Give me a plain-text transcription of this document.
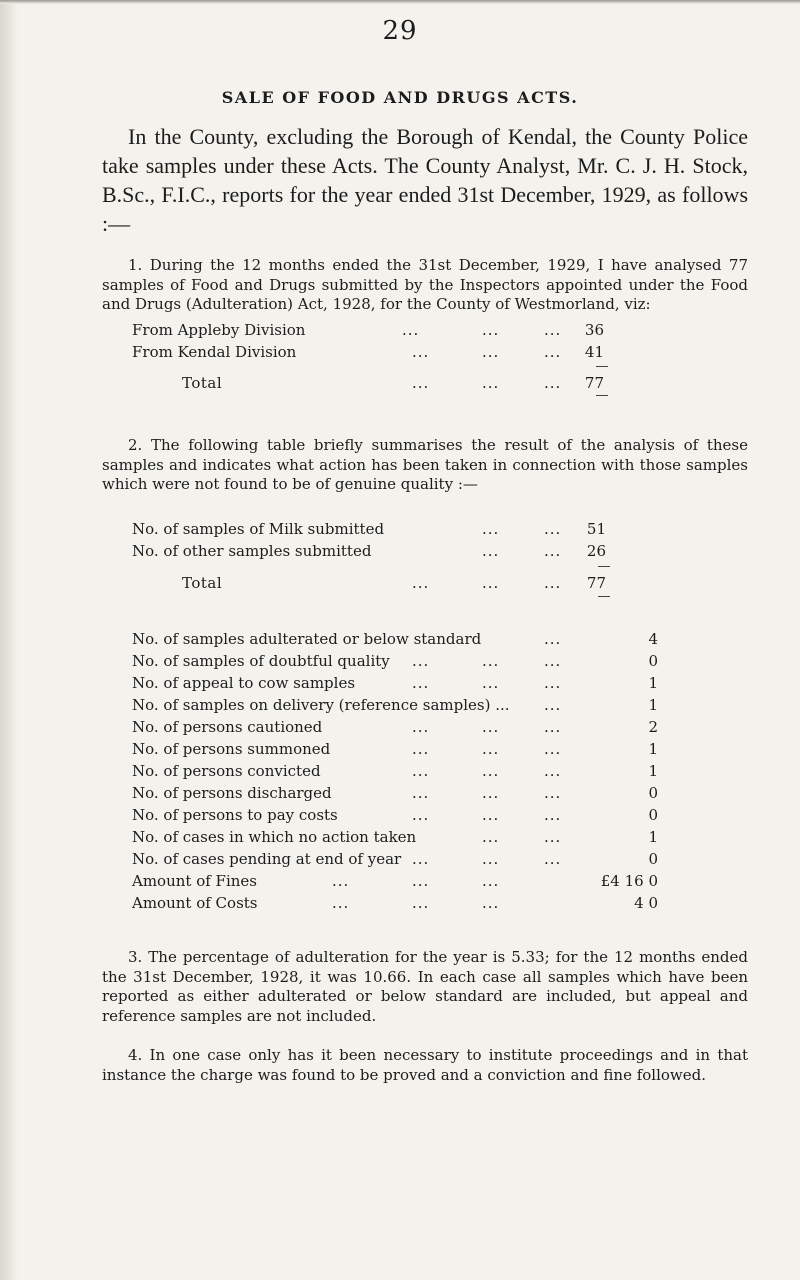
29
SALE OF FOOD AND DRUGS ACTS.

In the County, excluding the Borough of Kendal, the County Police take samples under these Acts. The County Analyst, Mr. C. J. H. Stock, B.Sc., F.I.C., reports for the year ended 31st December, 1929, as follows :—

1. During the 12 months ended the 31st December, 1929, I have analysed 77 samples of Food and Drugs submitted by the Inspectors appointed under the Food and Drugs (Adulteration) Act, 1928, for the County of Westmorland, viz:

From Appleby Division	...	...	...	36
From Kendal Division	...	...	...	41
Total	...	...	...	77

2. The following table briefly summarises the result of the analysis of these samples and indicates what action has been taken in connection with those samples which were not found to be of genuine quality :—

No. of samples of Milk submitted	...	...	51
No. of other samples submitted	...	...	26
Total	...	...	...	77
No. of samples adulterated or below standard	...	4
No. of samples of doubtful quality ...	...	...	0
No. of appeal to cow samples	...	...	...	1
No. of samples on delivery (reference samples) ... ...	1
No. of persons cautioned	...	...	...	2
No. of persons summoned	...	...	...	1
No. of persons convicted	...	...	...	1
No. of persons discharged	...	...	...	0
No. of persons to pay costs	...	...	...	0
No. of cases in which no action taken	...	...	1
No. of cases pending at end of year ...	...	...	0
Amount of Fines	...	...	...	£4 16 0
Amount of Costs	...	...	...	4 0

3. The percentage of adulteration for the year is 5.33; for the 12 months ended the 31st December, 1928, it was 10.66. In each case all samples which have been reported as either adulterated or below standard are included, but appeal and reference samples are not included.

4. In one case only has it been necessary to institute proceedings and in that instance the charge was found to be proved and a conviction and fine followed.
